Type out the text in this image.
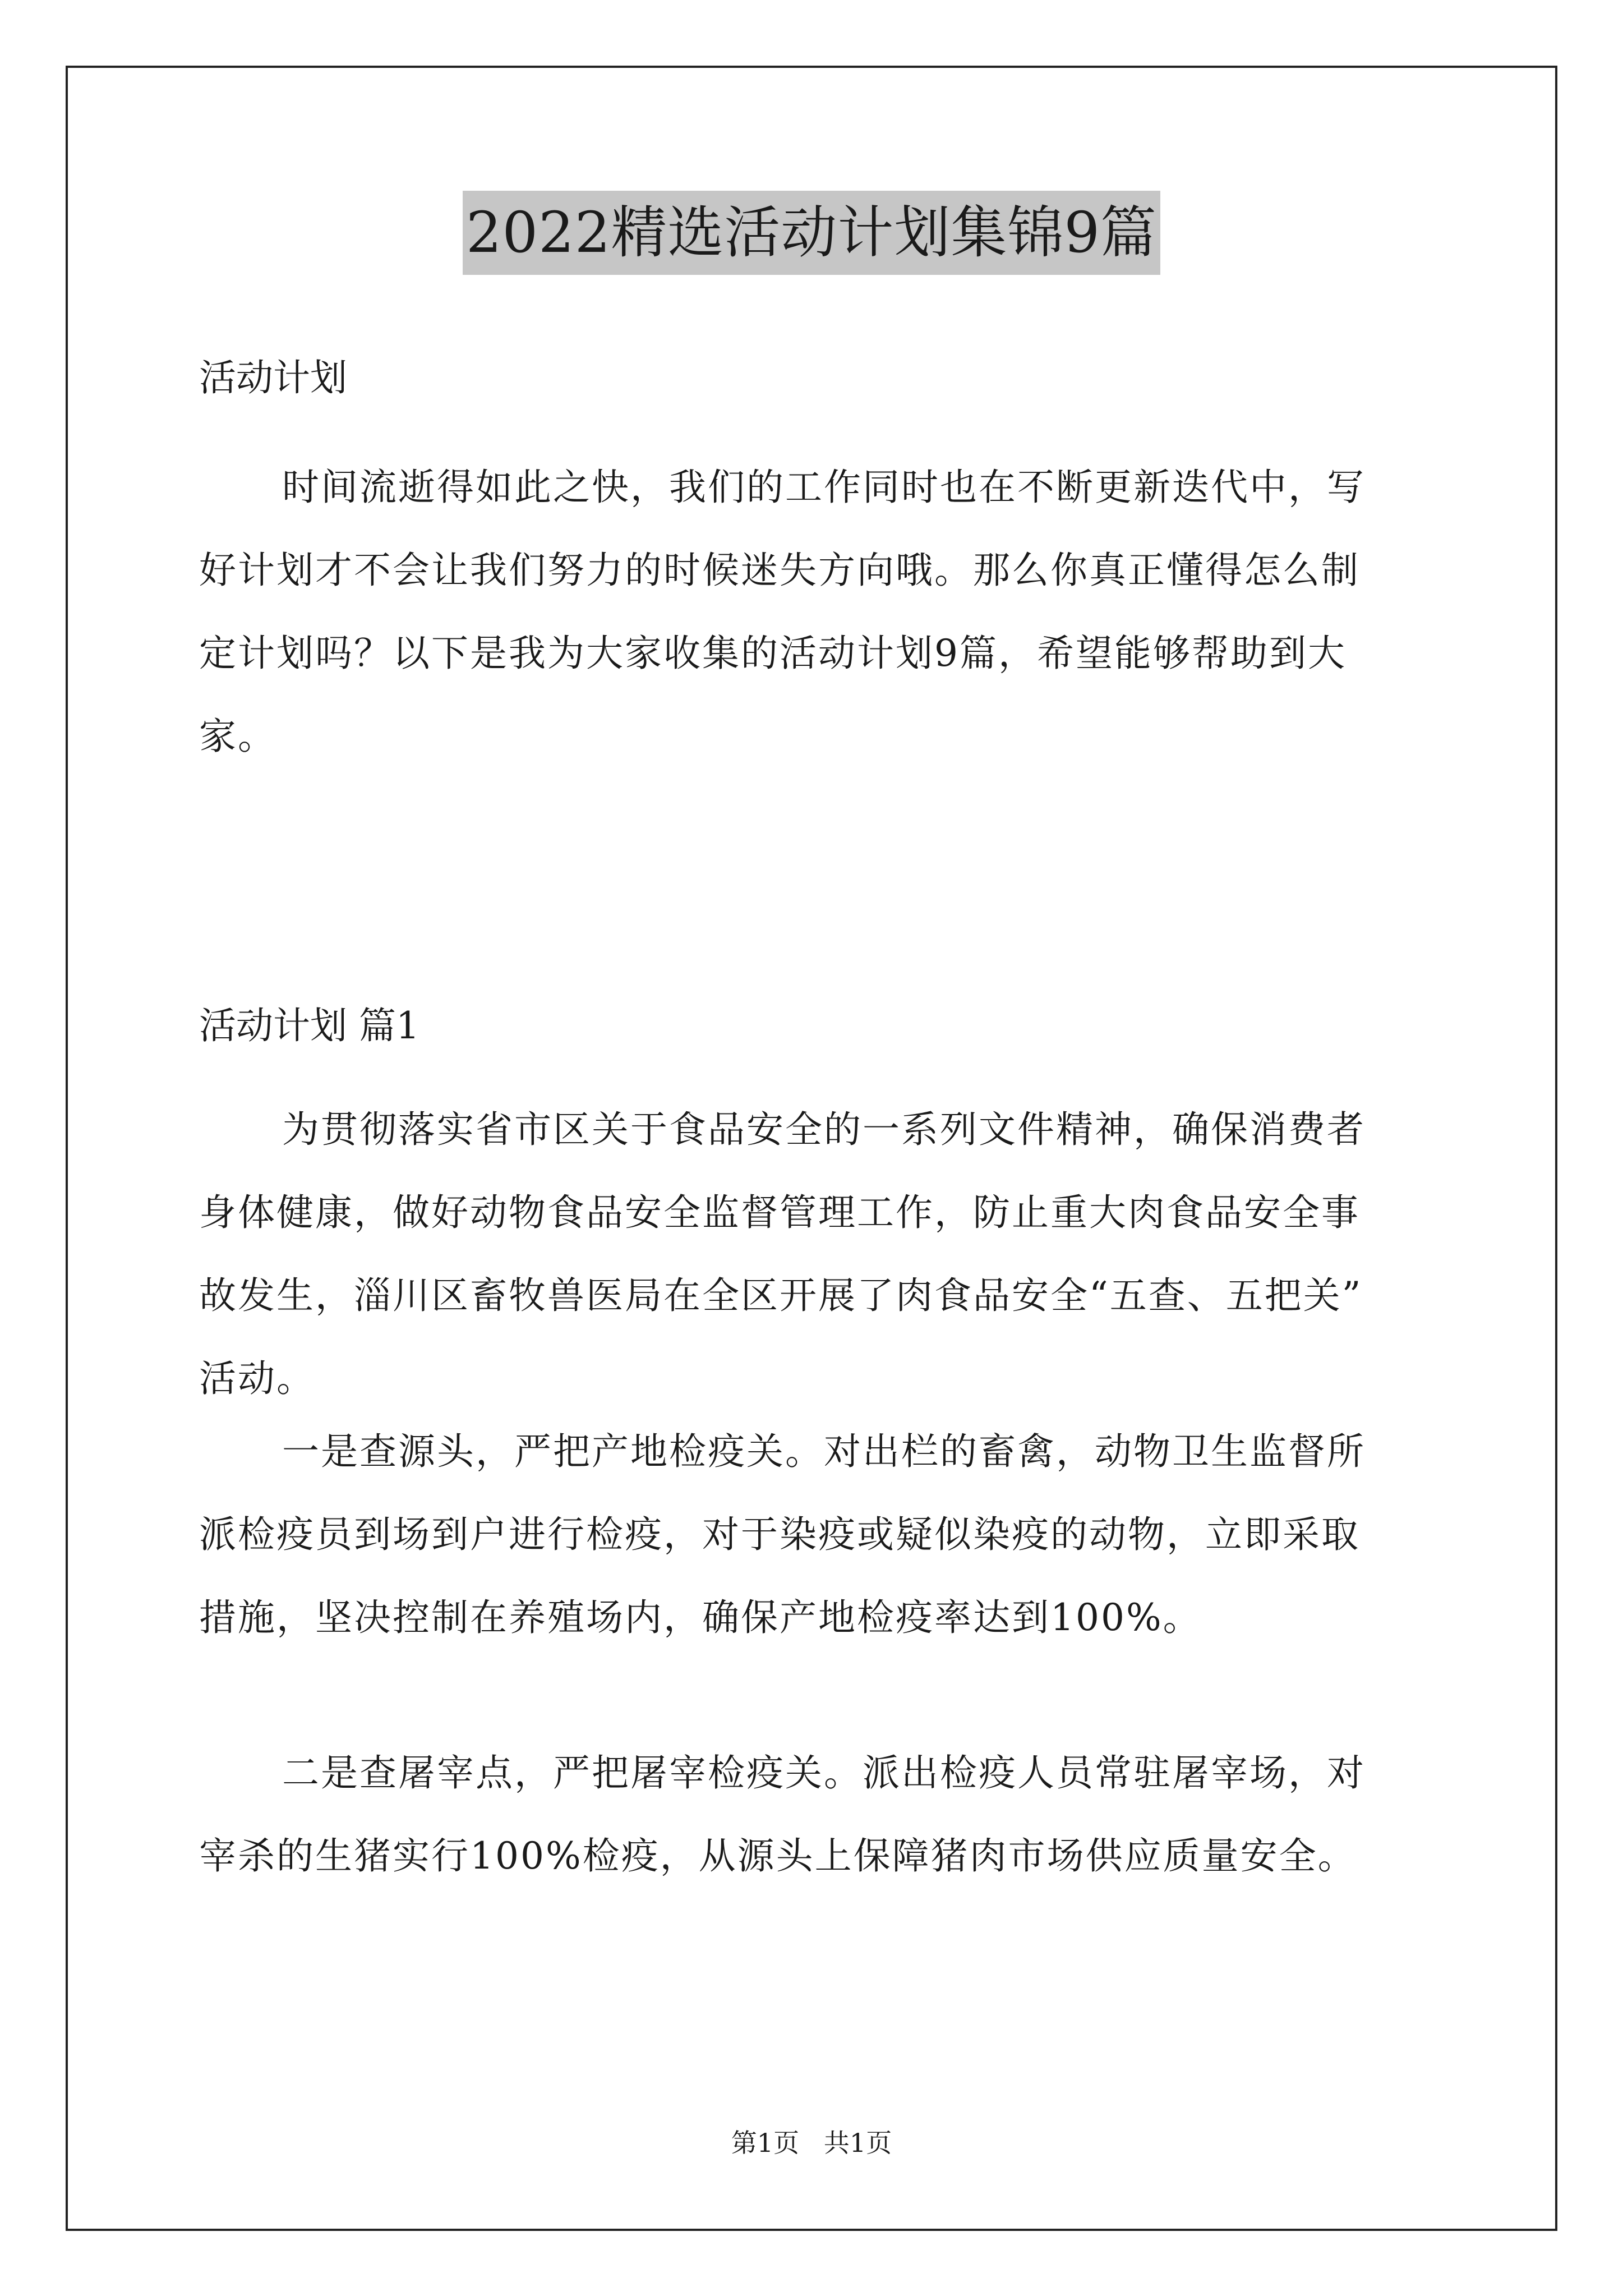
2022精选活动计划集锦9篇
活动计划
时间流逝得如此之快，我们的工作同时也在不断更新迭代中，写
好计划才不会让我们努力的时候迷失方向哦。那么你真正懂得怎么制
定计划吗？以下是我为大家收集的活动计划9篇，希望能够帮助到大
家。
活动计划 篇1
为贯彻落实省市区关于食品安全的一系列文件精神，确保消费者
身体健康，做好动物食品安全监督管理工作，防止重大肉食品安全事
故发生，淄川区畜牧兽医局在全区开展了肉食品安全“五查、五把关”
活动。
一是查源头，严把产地检疫关。对出栏的畜禽，动物卫生监督所
派检疫员到场到户进行检疫，对于染疫或疑似染疫的动物，立即采取
措施，坚决控制在养殖场内，确保产地检疫率达到100%。
二是查屠宰点，严把屠宰检疫关。派出检疫人员常驻屠宰场，对
宰杀的生猪实行100%检疫，从源头上保障猪肉市场供应质量安全。
第1页   共1页
